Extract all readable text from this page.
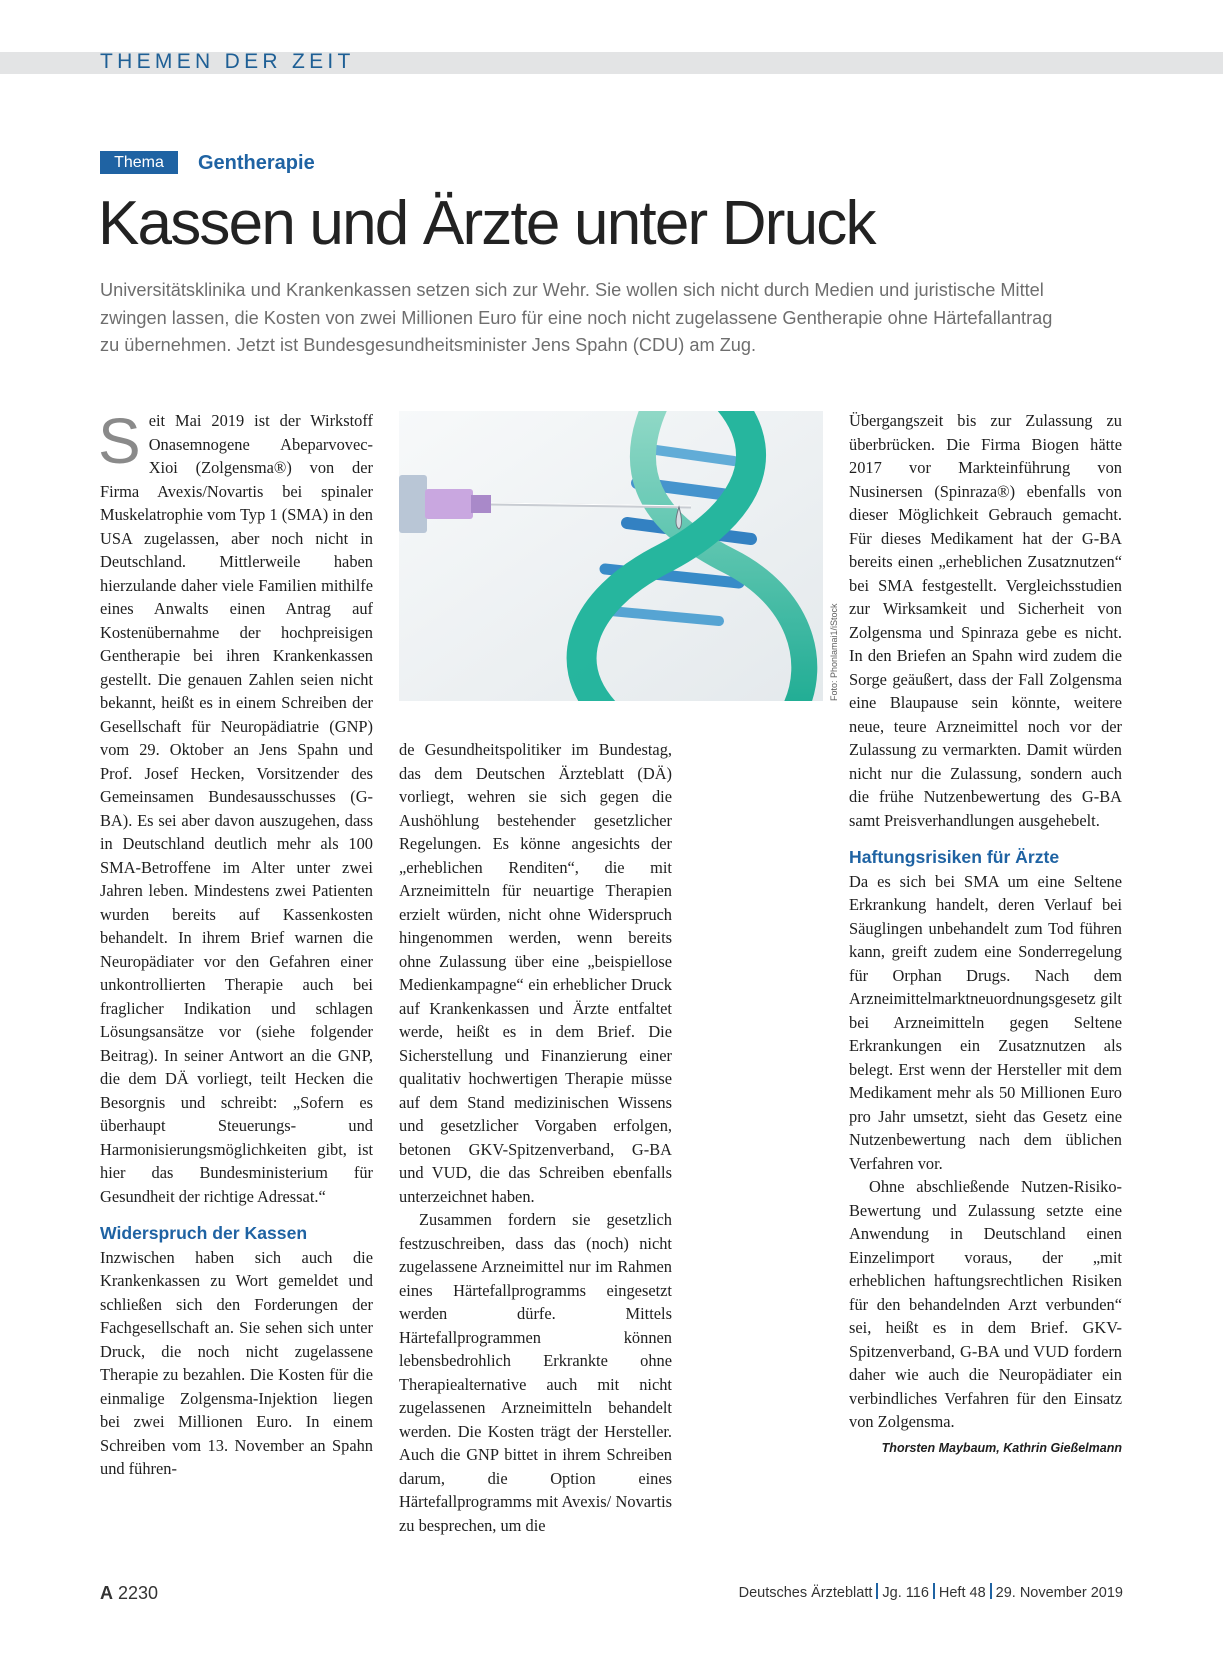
THEMEN DER ZEIT
Thema	Gentherapie
Kassen und Ärzte unter Druck

Universitätsklinika und Krankenkassen setzen sich zur Wehr. Sie wollen sich nicht durch Medien und juristische Mittel zwingen lassen, die Kosten von zwei Millionen Euro für eine noch nicht zugelassene Gentherapie ohne Härtefallantrag zu übernehmen. Jetzt ist Bundesgesundheitsminister Jens Spahn (CDU) am Zug.

S eit Mai 2019 ist der Wirkstoff Onasemnogene Abeparvovec-Xioi (Zolgensma®) von der Firma Avexis/Novartis bei spinaler Muskelatrophie vom Typ 1 (SMA) in den USA zugelassen, aber noch nicht in Deutschland. Mittlerweile haben hierzulande daher viele Familien mithilfe eines Anwalts einen Antrag auf Kostenübernahme der hochpreisigen Gentherapie bei ihren Krankenkassen gestellt. Die genauen Zahlen seien nicht bekannt, heißt es in einem Schreiben der Gesellschaft für Neuropädiatrie (GNP) vom 29. Oktober an Jens Spahn und Prof. Josef Hecken, Vorsitzender des Gemeinsamen Bundesausschusses (G-BA). Es sei aber davon auszugehen, dass in Deutschland deutlich mehr als 100 SMA-Betroffene im Alter unter zwei Jahren leben. Mindestens zwei Patienten wurden bereits auf Kassenkosten behandelt. In ihrem Brief warnen die Neuropädiater vor den Gefahren einer unkontrollierten Therapie auch bei fraglicher Indikation und schlagen Lösungsansätze vor (siehe folgender Beitrag). In seiner Antwort an die GNP, die dem DÄ vorliegt, teilt Hecken die Besorgnis und schreibt: „Sofern es überhaupt Steuerungs- und Harmonisierungsmöglichkeiten gibt, ist hier das Bundesministerium für Gesundheit der richtige Adressat.“

Widerspruch der Kassen

Inzwischen haben sich auch die Krankenkassen zu Wort gemeldet und schließen sich den Forderungen der Fachgesellschaft an. Sie sehen sich unter Druck, die noch nicht zugelassene Therapie zu bezahlen. Die Kosten für die einmalige Zolgensma-Injektion liegen bei zwei Millionen Euro. In einem Schreiben vom 13. November an Spahn und führen-

Foto: Phonlamai1/iStock

de Gesundheitspolitiker im Bundestag, das dem Deutschen Ärzteblatt (DÄ) vorliegt, wehren sie sich gegen die Aushöhlung bestehender gesetzlicher Regelungen. Es könne angesichts der „erheblichen Renditen“, die mit Arzneimitteln für neuartige Therapien erzielt würden, nicht ohne Widerspruch hingenommen werden, wenn bereits ohne Zulassung über eine „beispiellose Medienkampagne“ ein erheblicher Druck auf Krankenkassen und Ärzte entfaltet werde, heißt es in dem Brief. Die Sicherstellung und Finanzierung einer qualitativ hochwertigen Therapie müsse auf dem Stand medizinischen Wissens und gesetzlicher Vorgaben erfolgen, betonen GKV-Spitzenverband, G-BA und VUD, die das Schreiben ebenfalls unterzeichnet haben.

Zusammen fordern sie gesetzlich festzuschreiben, dass das (noch) nicht zugelassene Arzneimittel nur im Rahmen eines Härtefallprogramms eingesetzt werden dürfe. Mittels Härtefallprogrammen können lebensbedrohlich Erkrankte ohne Therapiealternative auch mit nicht zugelassenen Arzneimitteln behandelt werden. Die Kosten trägt der Hersteller. Auch die GNP bittet in ihrem Schreiben darum, die Option eines Härtefallprogramms mit Avexis/ Novartis zu besprechen, um die

Übergangszeit bis zur Zulassung zu überbrücken. Die Firma Biogen hätte 2017 vor Markteinführung von Nusinersen (Spinraza®) ebenfalls von dieser Möglichkeit Gebrauch gemacht. Für dieses Medikament hat der G-BA bereits einen „erheblichen Zusatznutzen“ bei SMA festgestellt. Vergleichsstudien zur Wirksamkeit und Sicherheit von Zolgensma und Spinraza gebe es nicht. In den Briefen an Spahn wird zudem die Sorge geäußert, dass der Fall Zolgensma eine Blaupause sein könnte, weitere neue, teure Arzneimittel noch vor der Zulassung zu vermarkten. Damit würden nicht nur die Zulassung, sondern auch die frühe Nutzenbewertung des G-BA samt Preisverhandlungen ausgehebelt.

Haftungsrisiken für Ärzte

Da es sich bei SMA um eine Seltene Erkrankung handelt, deren Verlauf bei Säuglingen unbehandelt zum Tod führen kann, greift zudem eine Sonderregelung für Orphan Drugs. Nach dem Arzneimittelmarktneuordnungsgesetz gilt bei Arzneimitteln gegen Seltene Erkrankungen ein Zusatznutzen als belegt. Erst wenn der Hersteller mit dem Medikament mehr als 50 Millionen Euro pro Jahr umsetzt, sieht das Gesetz eine Nutzenbewertung nach dem üblichen Verfahren vor.

Ohne abschließende Nutzen-Risiko-Bewertung und Zulassung setzte eine Anwendung in Deutschland einen Einzelimport voraus, der „mit erheblichen haftungsrechtlichen Risiken für den behandelnden Arzt verbunden“ sei, heißt es in dem Brief. GKV-Spitzenverband, G-BA und VUD fordern daher wie auch die Neuropädiater ein verbindliches Verfahren für den Einsatz von Zolgensma.

Thorsten Maybaum, Kathrin Gießelmann
A 2230	Deutsches Ärzteblatt Jg. 116 Heft 48 29. November 2019
